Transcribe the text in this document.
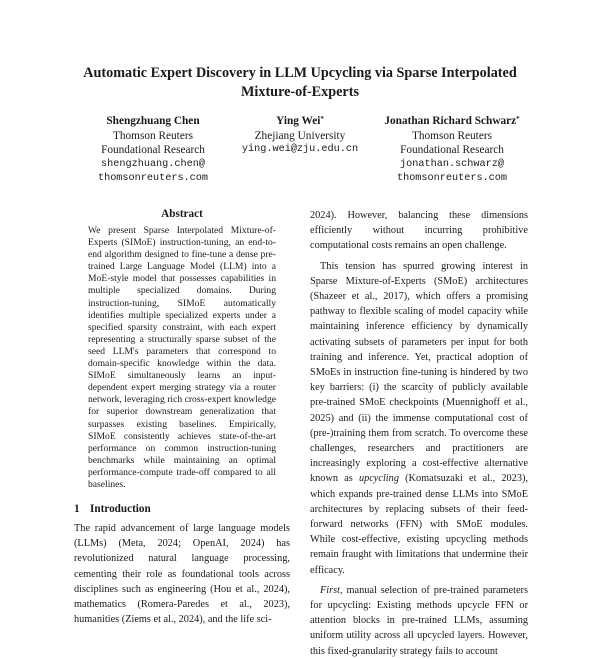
Automatic Expert Discovery in LLM Upcycling via Sparse Interpolated Mixture-of-Experts
Shengzhuang Chen
Thomson Reuters
Foundational Research
shengzhuang.chen@
thomsonreuters.com
Ying Wei*
Zhejiang University
ying.wei@zju.edu.cn
Jonathan Richard Schwarz*
Thomson Reuters
Foundational Research
jonathan.schwarz@
thomsonreuters.com
Abstract

We present Sparse Interpolated Mixture-of-Experts (SIMoE) instruction-tuning, an end-to-end algorithm designed to fine-tune a dense pre-trained Large Language Model (LLM) into a MoE-style model that possesses capabilities in multiple specialized domains. During instruction-tuning, SIMoE automatically identifies multiple specialized experts under a specified sparsity constraint, with each expert representing a structurally sparse subset of the seed LLM's parameters that correspond to domain-specific knowledge within the data. SIMoE simultaneously learns an input-dependent expert merging strategy via a router network, leveraging rich cross-expert knowledge for superior downstream generalization that surpasses existing baselines. Empirically, SIMoE consistently achieves state-of-the-art performance on common instruction-tuning benchmarks while maintaining an optimal performance-compute trade-off compared to all baselines.

1 Introduction

The rapid advancement of large language models (LLMs) (Meta, 2024; OpenAI, 2024) has revolutionized natural language processing, cementing their role as foundational tools across disciplines such as engineering (Hou et al., 2024), mathematics (Romera-Paredes et al., 2023), humanities (Ziems et al., 2024), and the life sci-

2024). However, balancing these dimensions efficiently without incurring prohibitive computational costs remains an open challenge.

This tension has spurred growing interest in Sparse Mixture-of-Experts (SMoE) architectures (Shazeer et al., 2017), which offers a promising pathway to flexible scaling of model capacity while maintaining inference efficiency by dynamically activating subsets of parameters per input for both training and inference. Yet, practical adoption of SMoEs in instruction fine-tuning is hindered by two key barriers: (i) the scarcity of publicly available pre-trained SMoE checkpoints (Muennighoff et al., 2025) and (ii) the immense computational cost of (pre-)training them from scratch. To overcome these challenges, researchers and practitioners are increasingly exploring a cost-effective alternative known as upcycling (Komatsuzaki et al., 2023), which expands pre-trained dense LLMs into SMoE architectures by replacing subsets of their feed-forward networks (FFN) with SMoE modules. While cost-effective, existing upcycling methods remain fraught with limitations that undermine their efficacy.

First, manual selection of pre-trained parameters for upcycling: Existing methods upcycle FFN or attention blocks in pre-trained LLMs, assuming uniform utility across all upcycled layers. However, this fixed-granularity strategy fails to account
